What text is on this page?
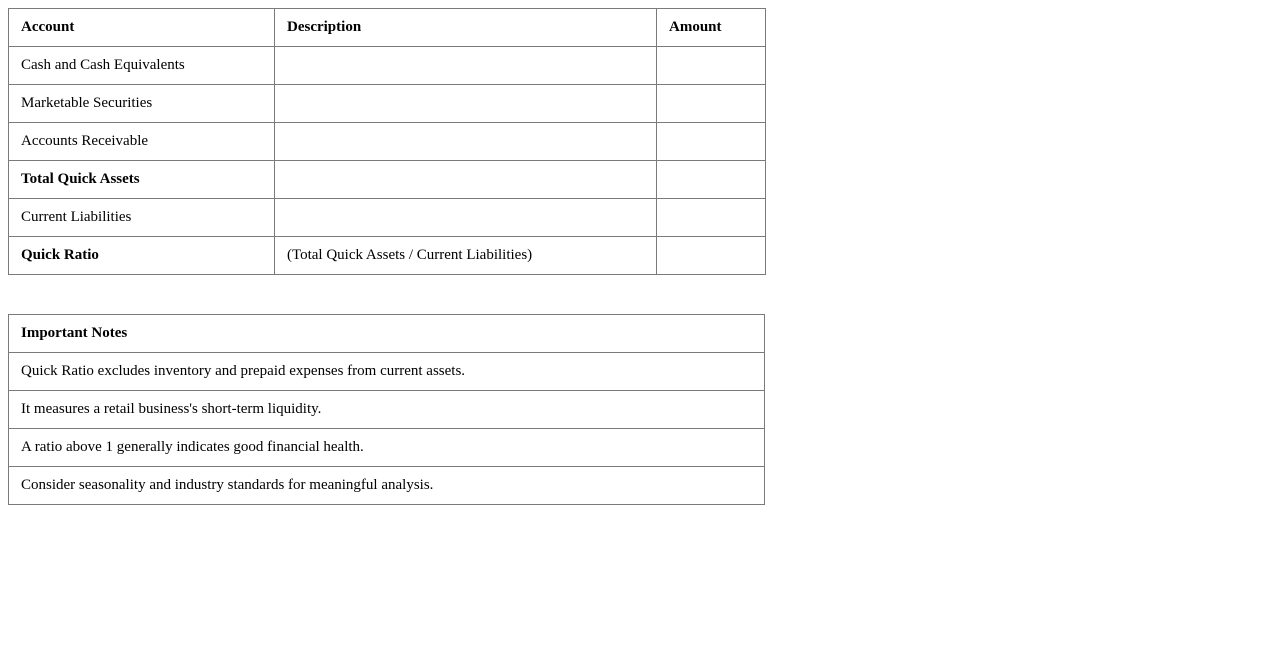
Account	Description	Amount
Cash and Cash Equivalents		
Marketable Securities		
Accounts Receivable		
Total Quick Assets		
Current Liabilities		
Quick Ratio	(Total Quick Assets / Current Liabilities)	
Important Notes
Quick Ratio excludes inventory and prepaid expenses from current assets.
It measures a retail business's short-term liquidity.
A ratio above 1 generally indicates good financial health.
Consider seasonality and industry standards for meaningful analysis.
